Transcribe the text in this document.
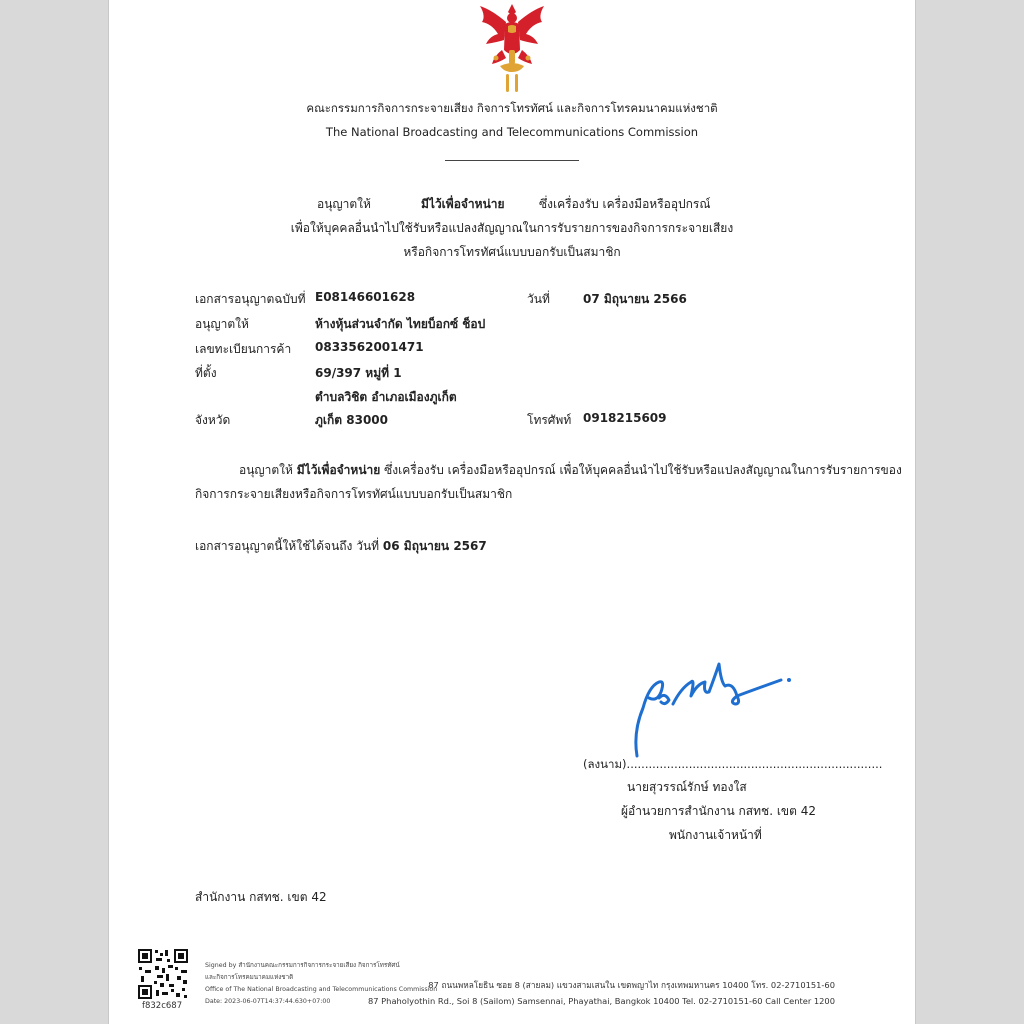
คณะกรรมการกิจการกระจายเสียง กิจการโทรทัศน์ และกิจการโทรคมนาคมแห่งชาติ
The National Broadcasting and Telecommunications Commission
อนุญาตให้	มีไว้เพื่อจำหน่าย	ซึ่งเครื่องรับ เครื่องมือหรืออุปกรณ์
เพื่อให้บุคคลอื่นนำไปใช้รับหรือแปลงสัญญาณในการรับรายการของกิจการกระจายเสียง
หรือกิจการโทรทัศน์แบบบอกรับเป็นสมาชิก
เอกสารอนุญาตฉบับที่ E08146601628	วันที่	07 มิถุนายน 2566
อนุญาตให้	ห้างหุ้นส่วนจำกัด ไทยบ็อกซ์ ช็อป
เลขทะเบียนการค้า 0833562001471
ที่ตั้ง	69/397 หมู่ที่ 1
ตำบลวิชิต อำเภอเมืองภูเก็ต
จังหวัด	ภูเก็ต 83000	โทรศัพท์ 0918215609
อนุญาตให้ มีไว้เพื่อจำหน่าย ซึ่งเครื่องรับ เครื่องมือหรืออุปกรณ์ เพื่อให้บุคคลอื่นนำไปใช้รับหรือแปลงสัญญาณในการรับรายการของ
กิจการกระจายเสียงหรือกิจการโทรทัศน์แบบบอกรับเป็นสมาชิก
เอกสารอนุญาตนี้ให้ใช้ได้จนถึง วันที่ 06 มิถุนายน 2567
(ลงนาม)......................................................................
นายสุวรรณ์รักษ์ ทองใส
ผู้อำนวยการสำนักงาน กสทช. เขต 42
พนักงานเจ้าหน้าที่
สำนักงาน กสทช. เขต 42
f832c687
Signed by สำนักงานคณะกรรมการกิจการกระจายเสียง กิจการโทรทัศน์
และกิจการโทรคมนาคมแห่งชาติ
Office of The National Broadcasting and Telecommunications Commission
Date: 2023-06-07T14:37:44.630+07:00
87 ถนนพหลโยธิน ซอย 8 (สายลม) แขวงสามเสนใน เขตพญาไท กรุงเทพมหานคร 10400 โทร. 02-2710151-60
87 Phaholyothin Rd., Soi 8 (Sailom) Samsennai, Phayathai, Bangkok 10400 Tel. 02-2710151-60 Call Center 1200
